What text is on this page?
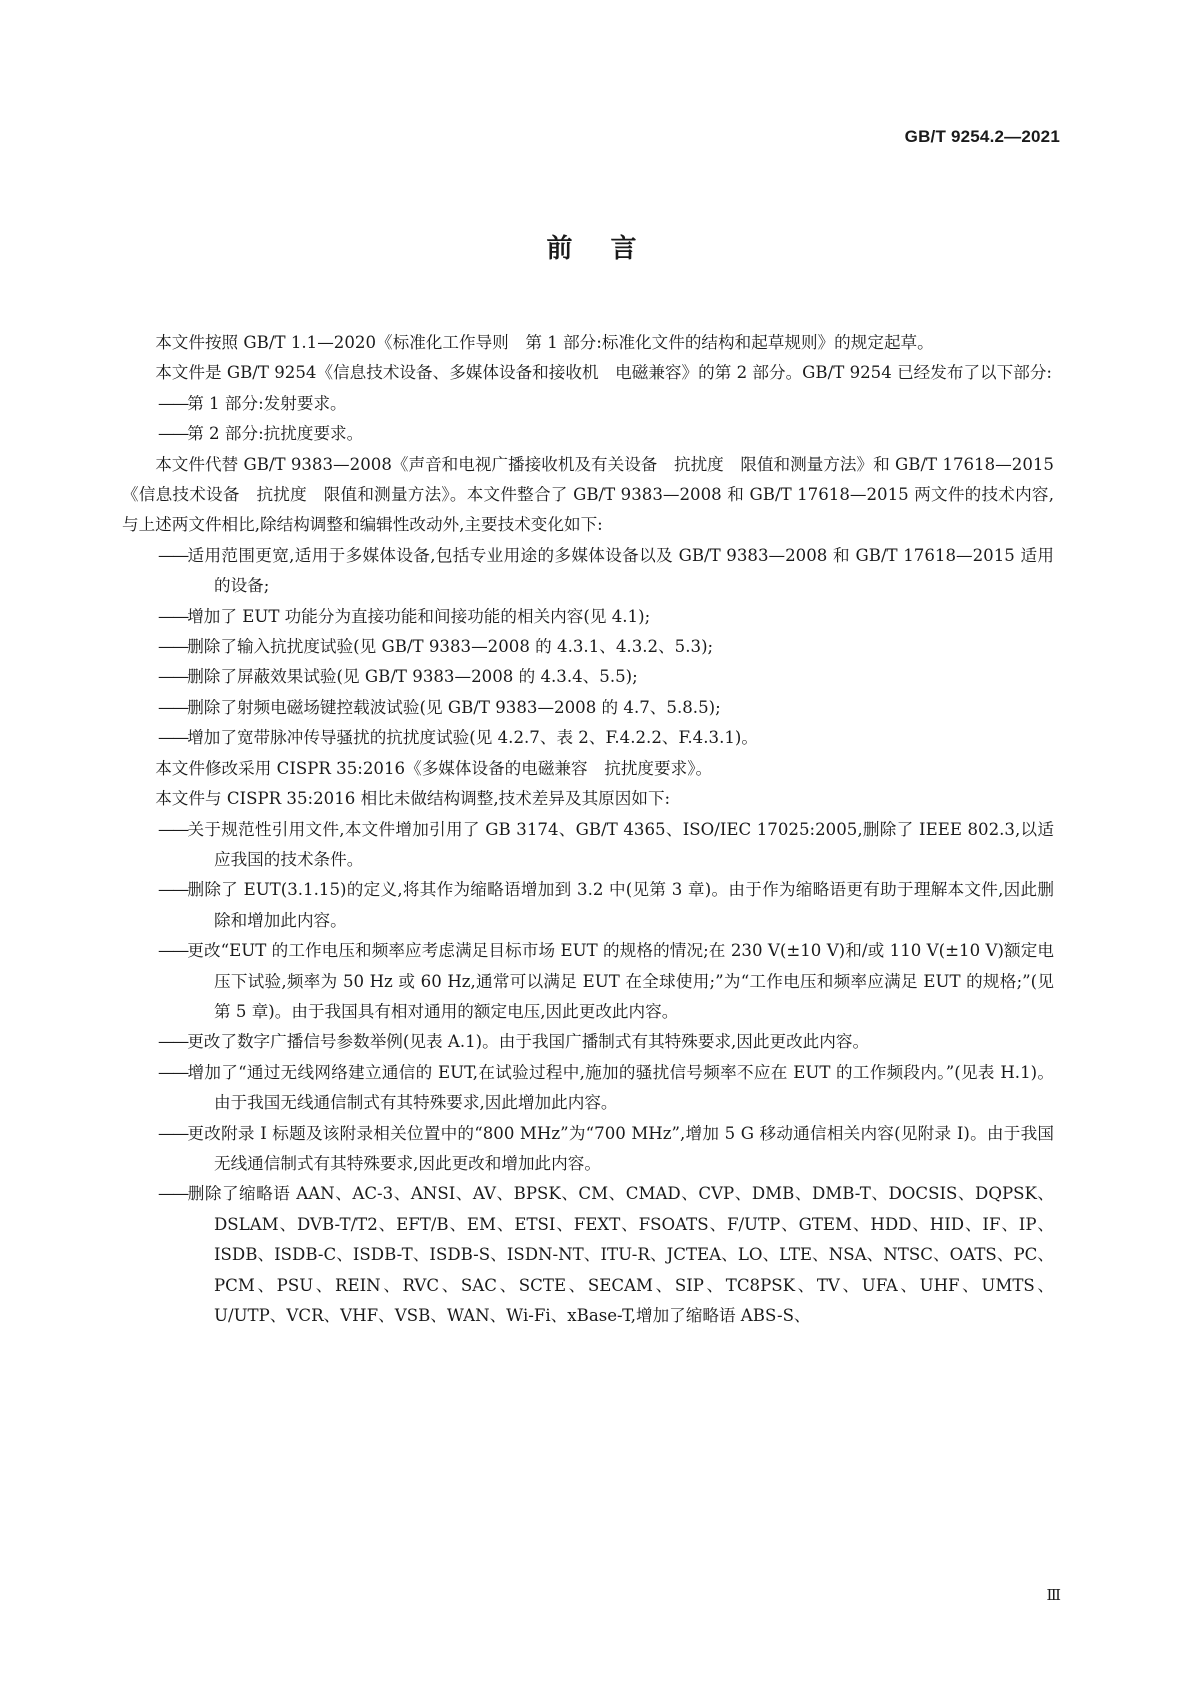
GB/T 9254.2—2021
前言

本文件按照 GB/T 1.1—2020《标准化工作导则　第 1 部分:标准化文件的结构和起草规则》的规定起草。

本文件是 GB/T 9254《信息技术设备、多媒体设备和接收机　电磁兼容》的第 2 部分。GB/T 9254 已经发布了以下部分:

——第 1 部分:发射要求。

——第 2 部分:抗扰度要求。

本文件代替 GB/T 9383—2008《声音和电视广播接收机及有关设备　抗扰度　限值和测量方法》和 GB/T 17618—2015《信息技术设备　抗扰度　限值和测量方法》。本文件整合了 GB/T 9383—2008 和 GB/T 17618—2015 两文件的技术内容,与上述两文件相比,除结构调整和编辑性改动外,主要技术变化如下:

——适用范围更宽,适用于多媒体设备,包括专业用途的多媒体设备以及 GB/T 9383—2008 和 GB/T 17618—2015 适用的设备;

——增加了 EUT 功能分为直接功能和间接功能的相关内容(见 4.1);

——删除了输入抗扰度试验(见 GB/T 9383—2008 的 4.3.1、4.3.2、5.3);

——删除了屏蔽效果试验(见 GB/T 9383—2008 的 4.3.4、5.5);

——删除了射频电磁场键控载波试验(见 GB/T 9383—2008 的 4.7、5.8.5);

——增加了宽带脉冲传导骚扰的抗扰度试验(见 4.2.7、表 2、F.4.2.2、F.4.3.1)。

本文件修改采用 CISPR 35:2016《多媒体设备的电磁兼容　抗扰度要求》。

本文件与 CISPR 35:2016 相比未做结构调整,技术差异及其原因如下:

——关于规范性引用文件,本文件增加引用了 GB 3174、GB/T 4365、ISO/IEC 17025:2005,删除了 IEEE 802.3,以适应我国的技术条件。

——删除了 EUT(3.1.15)的定义,将其作为缩略语增加到 3.2 中(见第 3 章)。由于作为缩略语更有助于理解本文件,因此删除和增加此内容。

——更改“EUT 的工作电压和频率应考虑满足目标市场 EUT 的规格的情况;在 230 V(±10 V)和/或 110 V(±10 V)额定电压下试验,频率为 50 Hz 或 60 Hz,通常可以满足 EUT 在全球使用;”为“工作电压和频率应满足 EUT 的规格;”(见第 5 章)。由于我国具有相对通用的额定电压,因此更改此内容。

——更改了数字广播信号参数举例(见表 A.1)。由于我国广播制式有其特殊要求,因此更改此内容。

——增加了“通过无线网络建立通信的 EUT,在试验过程中,施加的骚扰信号频率不应在 EUT 的工作频段内。”(见表 H.1)。由于我国无线通信制式有其特殊要求,因此增加此内容。

——更改附录 I 标题及该附录相关位置中的“800 MHz”为“700 MHz”,增加 5 G 移动通信相关内容(见附录 I)。由于我国无线通信制式有其特殊要求,因此更改和增加此内容。

——删除了缩略语 AAN、AC-3、ANSI、AV、BPSK、CM、CMAD、CVP、DMB、DMB-T、DOCSIS、DQPSK、DSLAM、DVB-T/T2、EFT/B、EM、ETSI、FEXT、FSOATS、F/UTP、GTEM、HDD、HID、IF、IP、ISDB、ISDB-C、ISDB-T、ISDB-S、ISDN-NT、ITU-R、JCTEA、LO、LTE、NSA、NTSC、OATS、PC、PCM、PSU、REIN、RVC、SAC、SCTE、SECAM、SIP、TC8PSK、TV、UFA、UHF、UMTS、U/UTP、VCR、VHF、VSB、WAN、Wi-Fi、xBase-T,增加了缩略语 ABS-S、

Ⅲ
